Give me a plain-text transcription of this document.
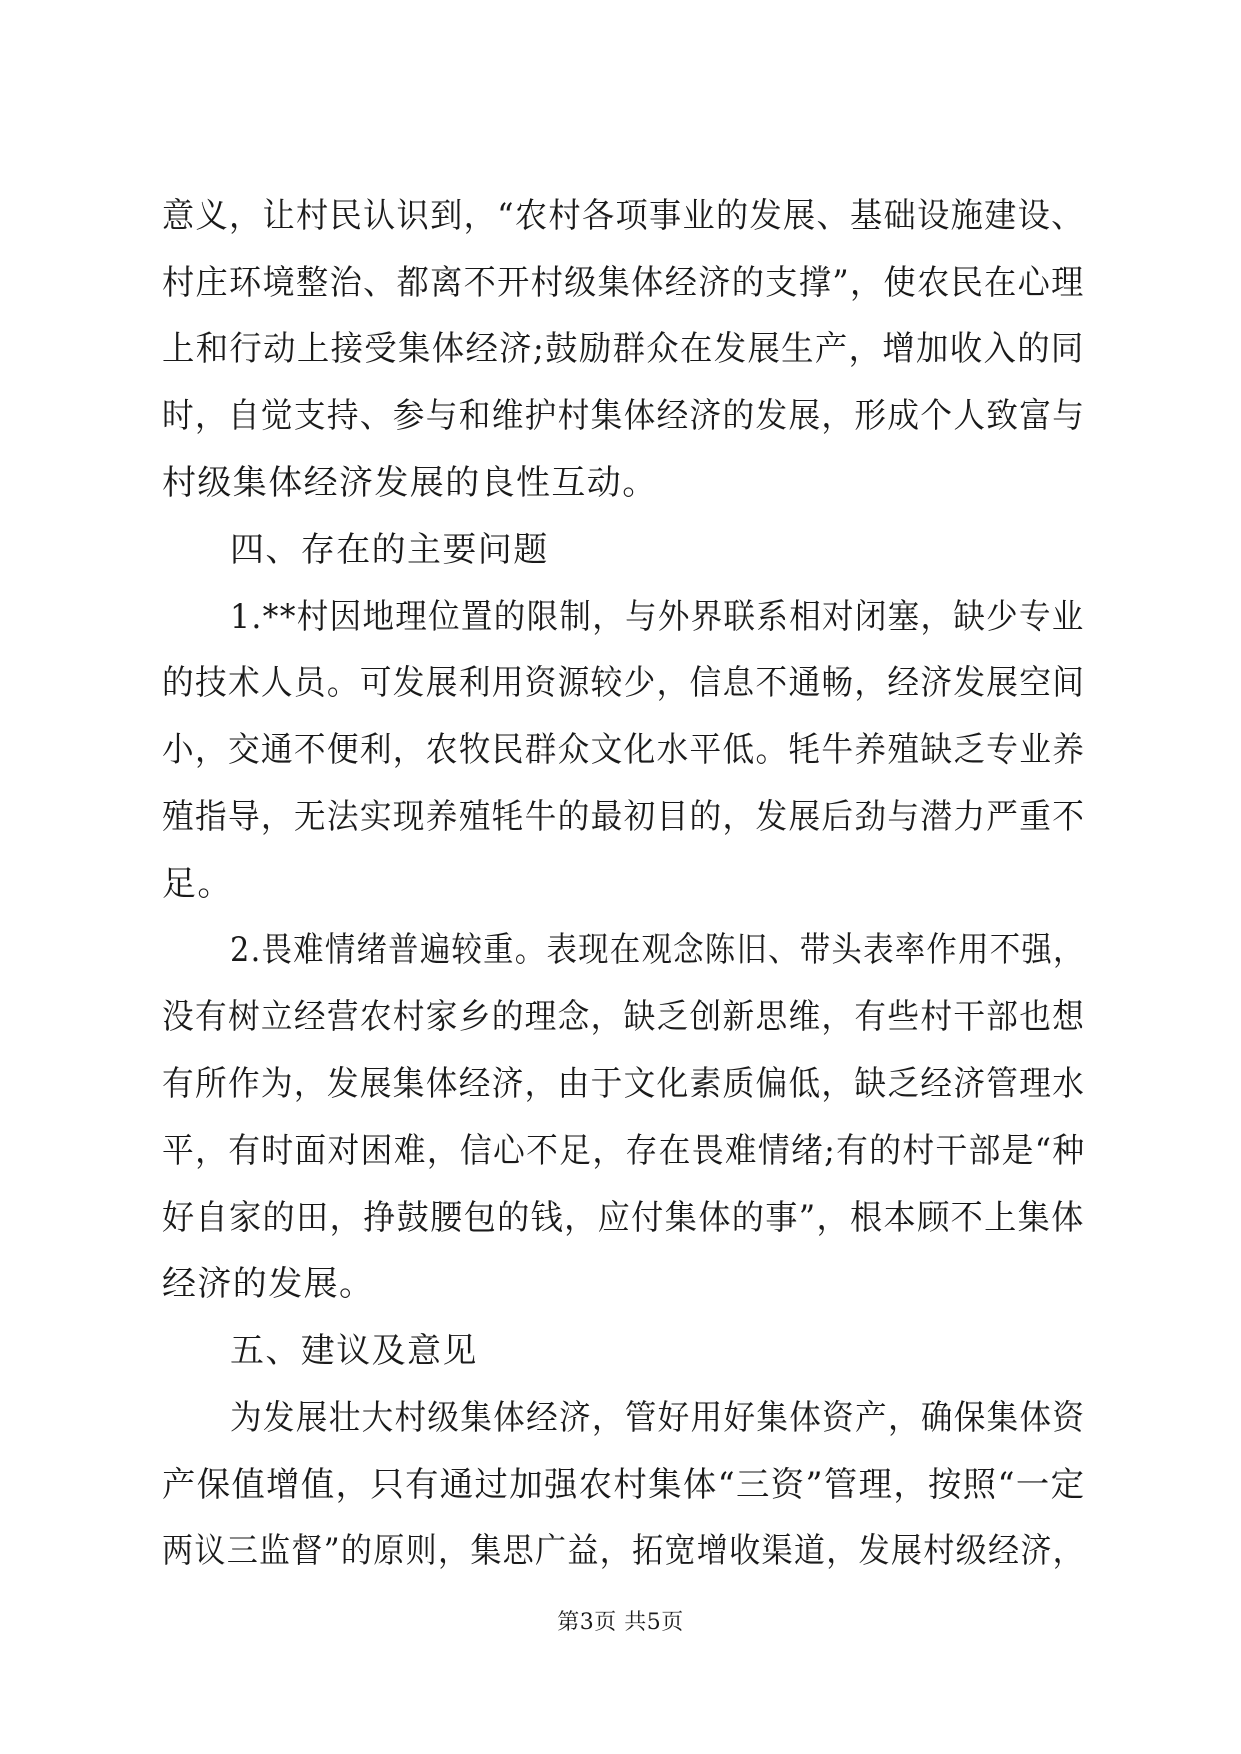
意义，让村民认识到，“农村各项事业的发展、基础设施建设、
村庄环境整治、都离不开村级集体经济的支撑”，使农民在心理
上和行动上接受集体经济;鼓励群众在发展生产，增加收入的同
时，自觉支持、参与和维护村集体经济的发展，形成个人致富与
村级集体经济发展的良性互动。
四、存在的主要问题
1.**村因地理位置的限制，与外界联系相对闭塞，缺少专业
的技术人员。可发展利用资源较少，信息不通畅，经济发展空间
小，交通不便利，农牧民群众文化水平低。牦牛养殖缺乏专业养
殖指导，无法实现养殖牦牛的最初目的，发展后劲与潜力严重不
足。
2.畏难情绪普遍较重。表现在观念陈旧、带头表率作用不强，
没有树立经营农村家乡的理念，缺乏创新思维，有些村干部也想
有所作为，发展集体经济，由于文化素质偏低，缺乏经济管理水
平，有时面对困难，信心不足，存在畏难情绪;有的村干部是“种
好自家的田，挣鼓腰包的钱，应付集体的事”，根本顾不上集体
经济的发展。
五、建议及意见
为发展壮大村级集体经济，管好用好集体资产，确保集体资
产保值增值，只有通过加强农村集体“三资”管理，按照“一定
两议三监督”的原则，集思广益，拓宽增收渠道，发展村级经济，
第3页 共5页
